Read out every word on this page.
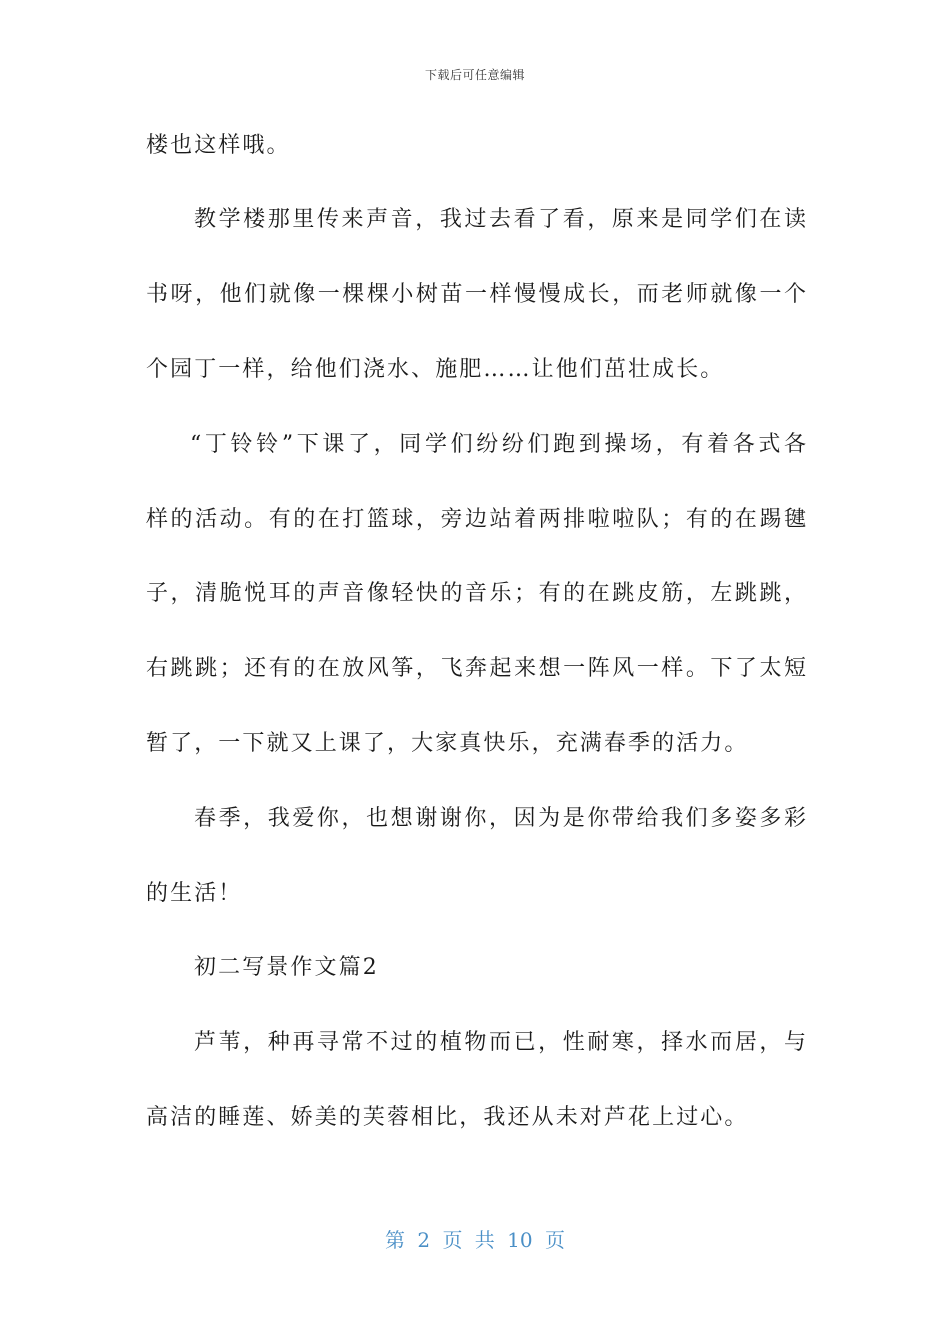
下载后可任意编辑
楼也这样哦。
教学楼那里传来声音，我过去看了看，原来是同学们在读
书呀，他们就像一棵棵小树苗一样慢慢成长，而老师就像一个
个园丁一样，给他们浇水、施肥……让他们茁壮成长。
“丁铃铃”下课了，同学们纷纷们跑到操场，有着各式各
样的活动。有的在打篮球，旁边站着两排啦啦队；有的在踢毽
子，清脆悦耳的声音像轻快的音乐；有的在跳皮筋，左跳跳，
右跳跳；还有的在放风筝，飞奔起来想一阵风一样。下了太短
暂了，一下就又上课了，大家真快乐，充满春季的活力。
春季，我爱你，也想谢谢你，因为是你带给我们多姿多彩
的生活！
初二写景作文篇2
芦苇，种再寻常不过的植物而已，性耐寒，择水而居，与
高洁的睡莲、娇美的芙蓉相比，我还从未对芦花上过心。
第 2 页 共 10 页
